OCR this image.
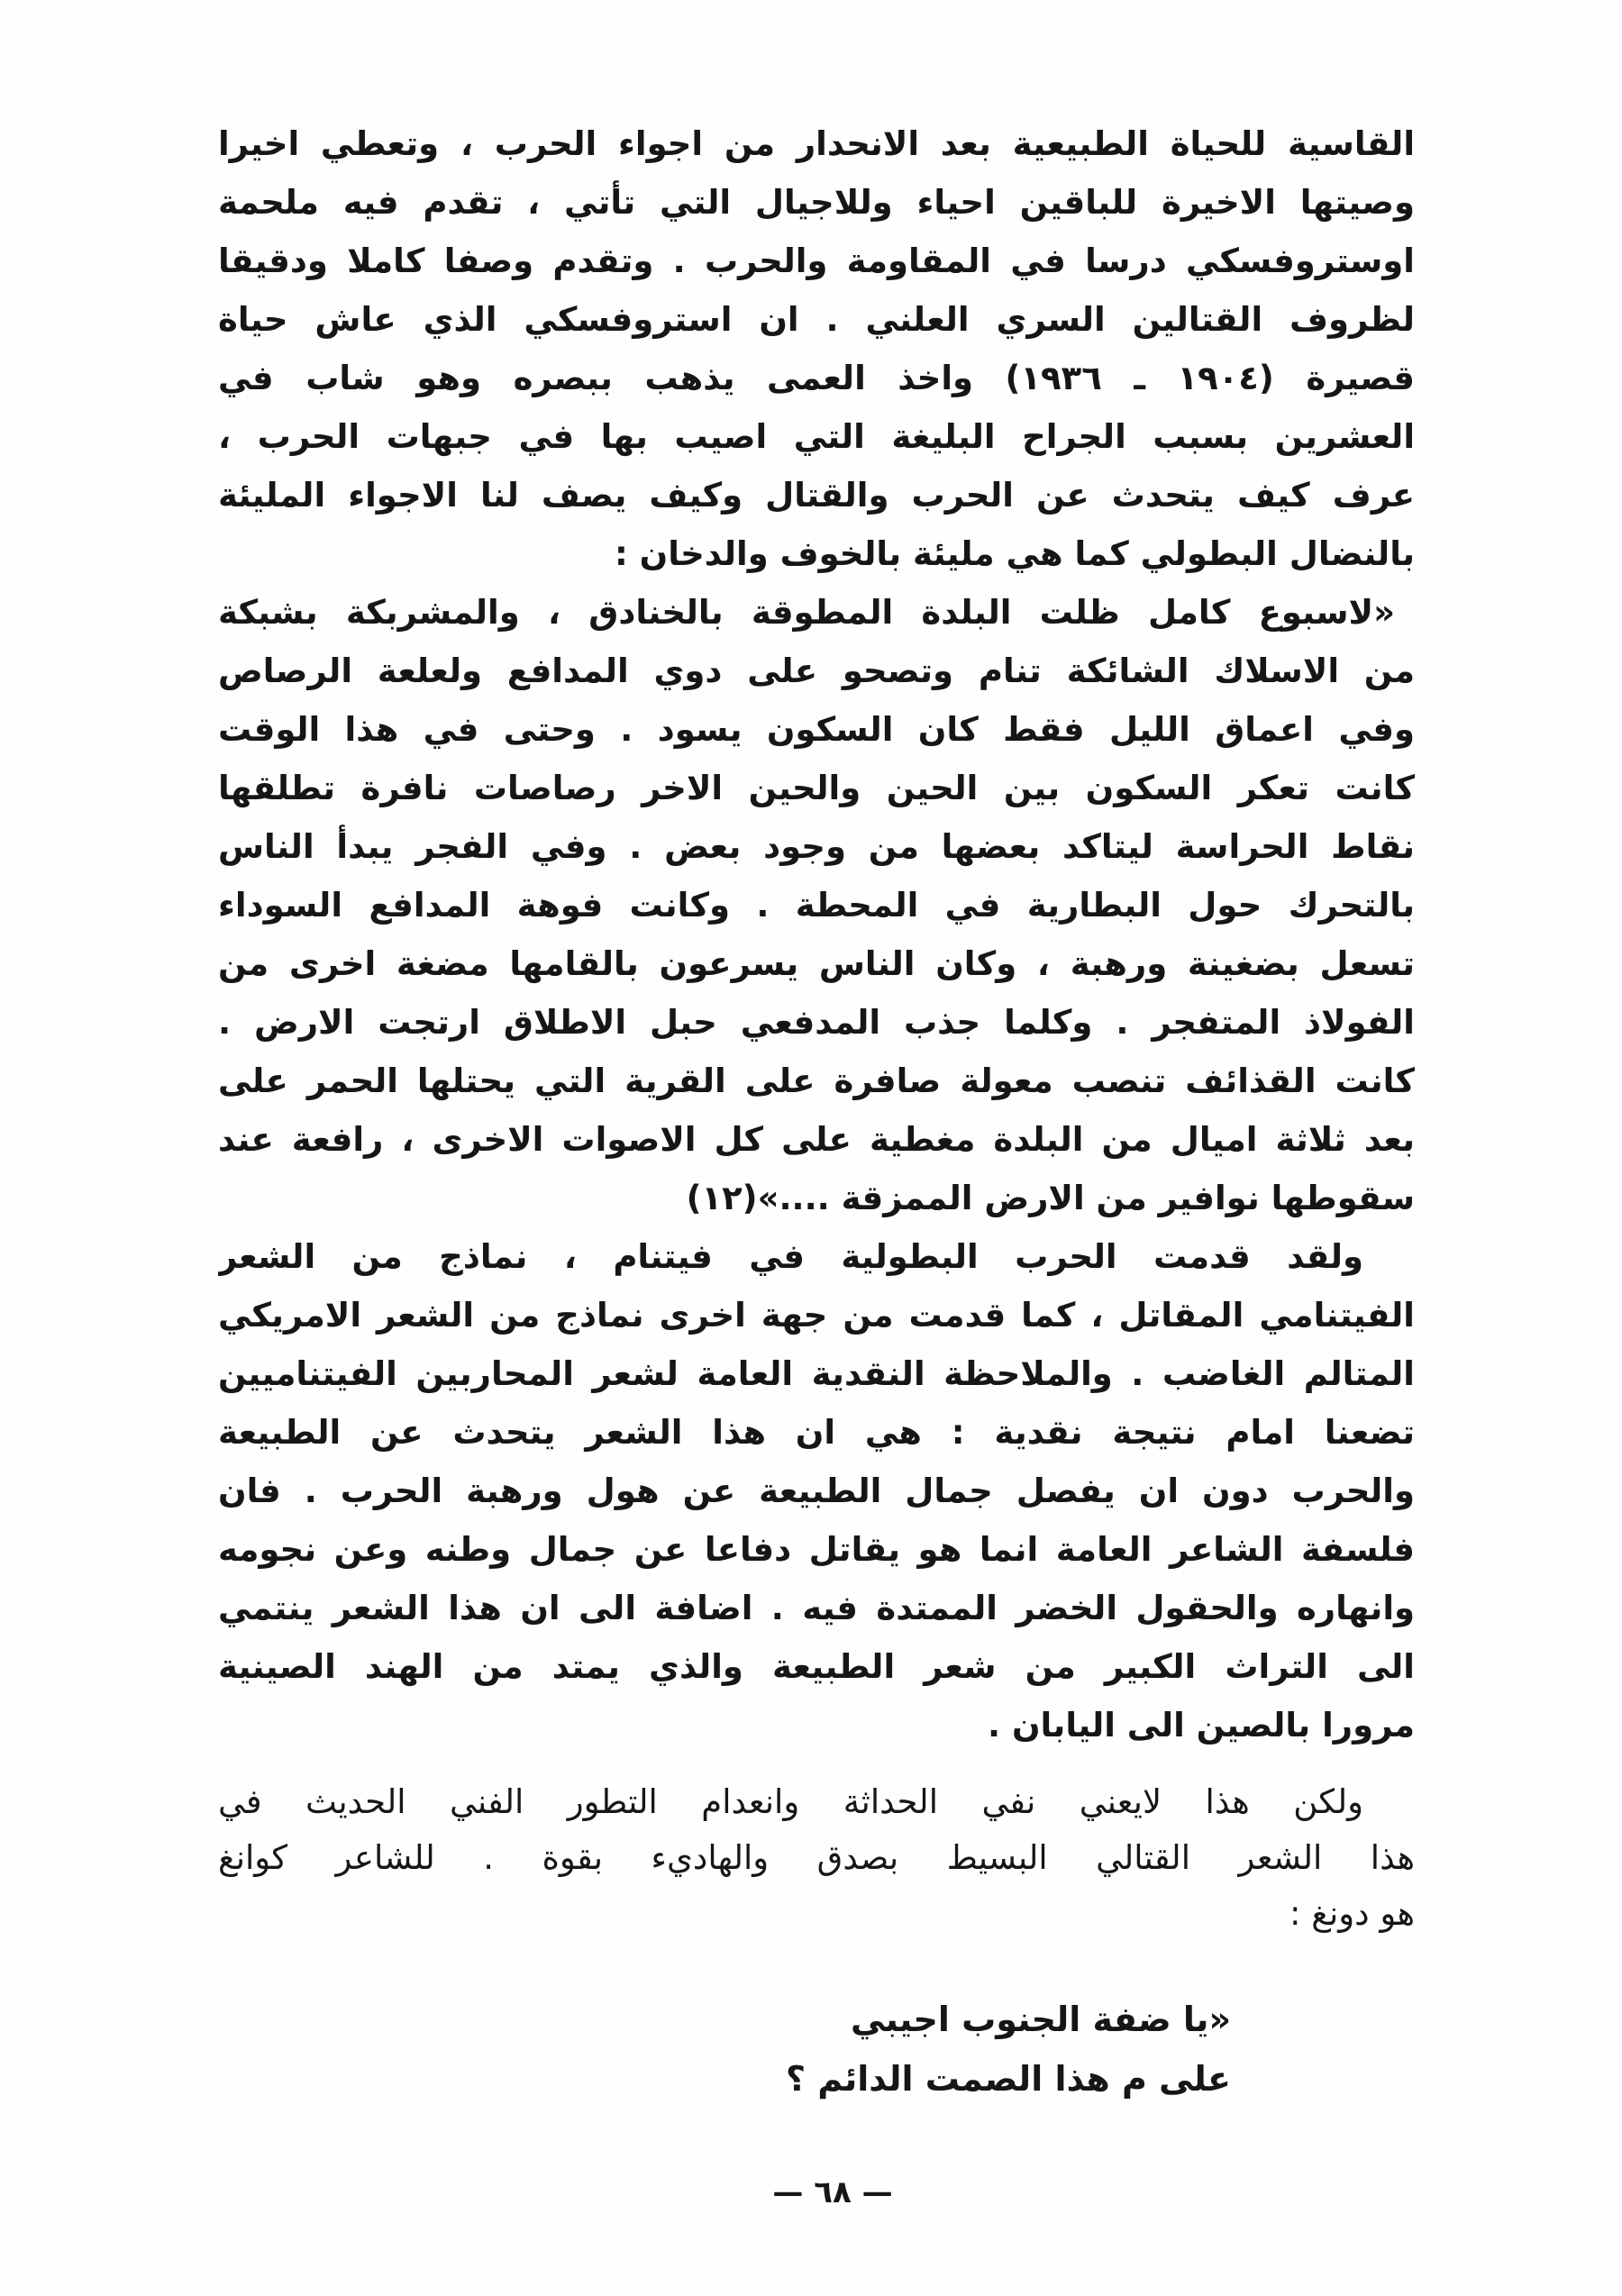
القاسية للحياة الطبيعية بعد الانحدار من اجواء الحرب ، وتعطي اخيرا
وصيتها الاخيرة للباقين احياء وللاجيال التي تأتي ، تقدم فيه ملحمة
اوستروفسكي درسا في المقاومة والحرب . وتقدم وصفا كاملا ودقيقا
لظروف القتالين السري العلني . ان استروفسكي الذي عاش حياة
قصيرة (١٩٠٤ ـ ١٩٣٦) واخذ العمى يذهب ببصره وهو شاب في
العشرين بسبب الجراح البليغة التي اصيب بها في جبهات الحرب ،
عرف كيف يتحدث عن الحرب والقتال وكيف يصف لنا الاجواء المليئة
بالنضال البطولي كما هي مليئة بالخوف والدخان :
«لاسبوع كامل ظلت البلدة المطوقة بالخنادق ، والمشربكة بشبكة
من الاسلاك الشائكة تنام وتصحو على دوي المدافع ولعلعة الرصاص
وفي اعماق الليل فقط كان السكون يسود . وحتى في هذا الوقت
كانت تعكر السكون بين الحين والحين الاخر رصاصات نافرة تطلقها
نقاط الحراسة ليتاكد بعضها من وجود بعض . وفي الفجر يبدأ الناس
بالتحرك حول البطارية في المحطة . وكانت فوهة المدافع السوداء
تسعل بضغينة ورهبة ، وكان الناس يسرعون بالقامها مضغة اخرى من
الفولاذ المتفجر . وكلما جذب المدفعي حبل الاطلاق ارتجت الارض .
كانت القذائف تنصب معولة صافرة على القرية التي يحتلها الحمر على
بعد ثلاثة اميال من البلدة مغطية على كل الاصوات الاخرى ، رافعة عند
سقوطها نوافير من الارض الممزقة ....»(١٢)
ولقد قدمت الحرب البطولية في فيتنام ، نماذج من الشعر
الفيتنامي المقاتل ، كما قدمت من جهة اخرى نماذج من الشعر الامريكي
المتالم الغاضب . والملاحظة النقدية العامة لشعر المحاربين الفيتناميين
تضعنا امام نتيجة نقدية : هي ان هذا الشعر يتحدث عن الطبيعة
والحرب دون ان يفصل جمال الطبيعة عن هول ورهبة الحرب . فان
فلسفة الشاعر العامة انما هو يقاتل دفاعا عن جمال وطنه وعن نجومه
وانهاره والحقول الخضر الممتدة فيه . اضافة الى ان هذا الشعر ينتمي
الى التراث الكبير من شعر الطبيعة والذي يمتد من الهند الصينية
مرورا بالصين الى اليابان .
ولكن هذا لايعني نفي الحداثة وانعدام التطور الفني الحديث في
هذا الشعر القتالي البسيط بصدق والهاديء بقوة . للشاعر كوانغ
هو دونغ :
«يا ضفة الجنوب اجيبي
على م هذا الصمت الدائم ؟
— ٦٨ —
